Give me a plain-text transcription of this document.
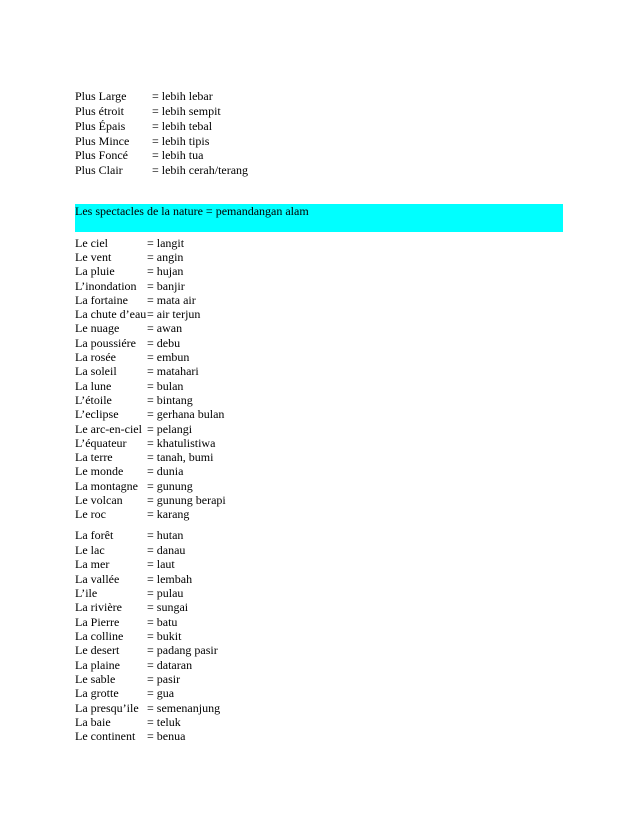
Plus Large = lebih lebar
Plus étroit = lebih sempit
Plus Épais = lebih tebal
Plus Mince = lebih tipis
Plus Foncé = lebih tua
Plus Clair = lebih cerah/terang
Les spectacles de la nature = pemandangan alam
Le ciel	= langit
Le vent	= angin
La pluie	= hujan
L’inondation = banjir
La fortaine = mata air
La chute d’eau = air terjun
Le nuage = awan
La poussiére = debu
La rosée	= embun
La soleil	= matahari
La lune	= bulan
L’étoile	= bintang
L’eclipse = gerhana bulan
Le arc-en-ciel = pelangi
L’équateur = khatulistiwa
La terre	= tanah, bumi
Le monde = dunia
La montagne = gunung
Le volcan = gunung berapi
Le roc	= karang
La forêt	= hutan
Le lac	= danau
La mer	= laut
La vallée = lembah
L’ile	= pulau
La rivière = sungai
La Pierre = batu
La colline = bukit
Le desert = padang pasir
La plaine = dataran
Le sable	= pasir
La grotte = gua
La presqu’ile = semenanjung
La baie	= teluk
Le continent = benua
